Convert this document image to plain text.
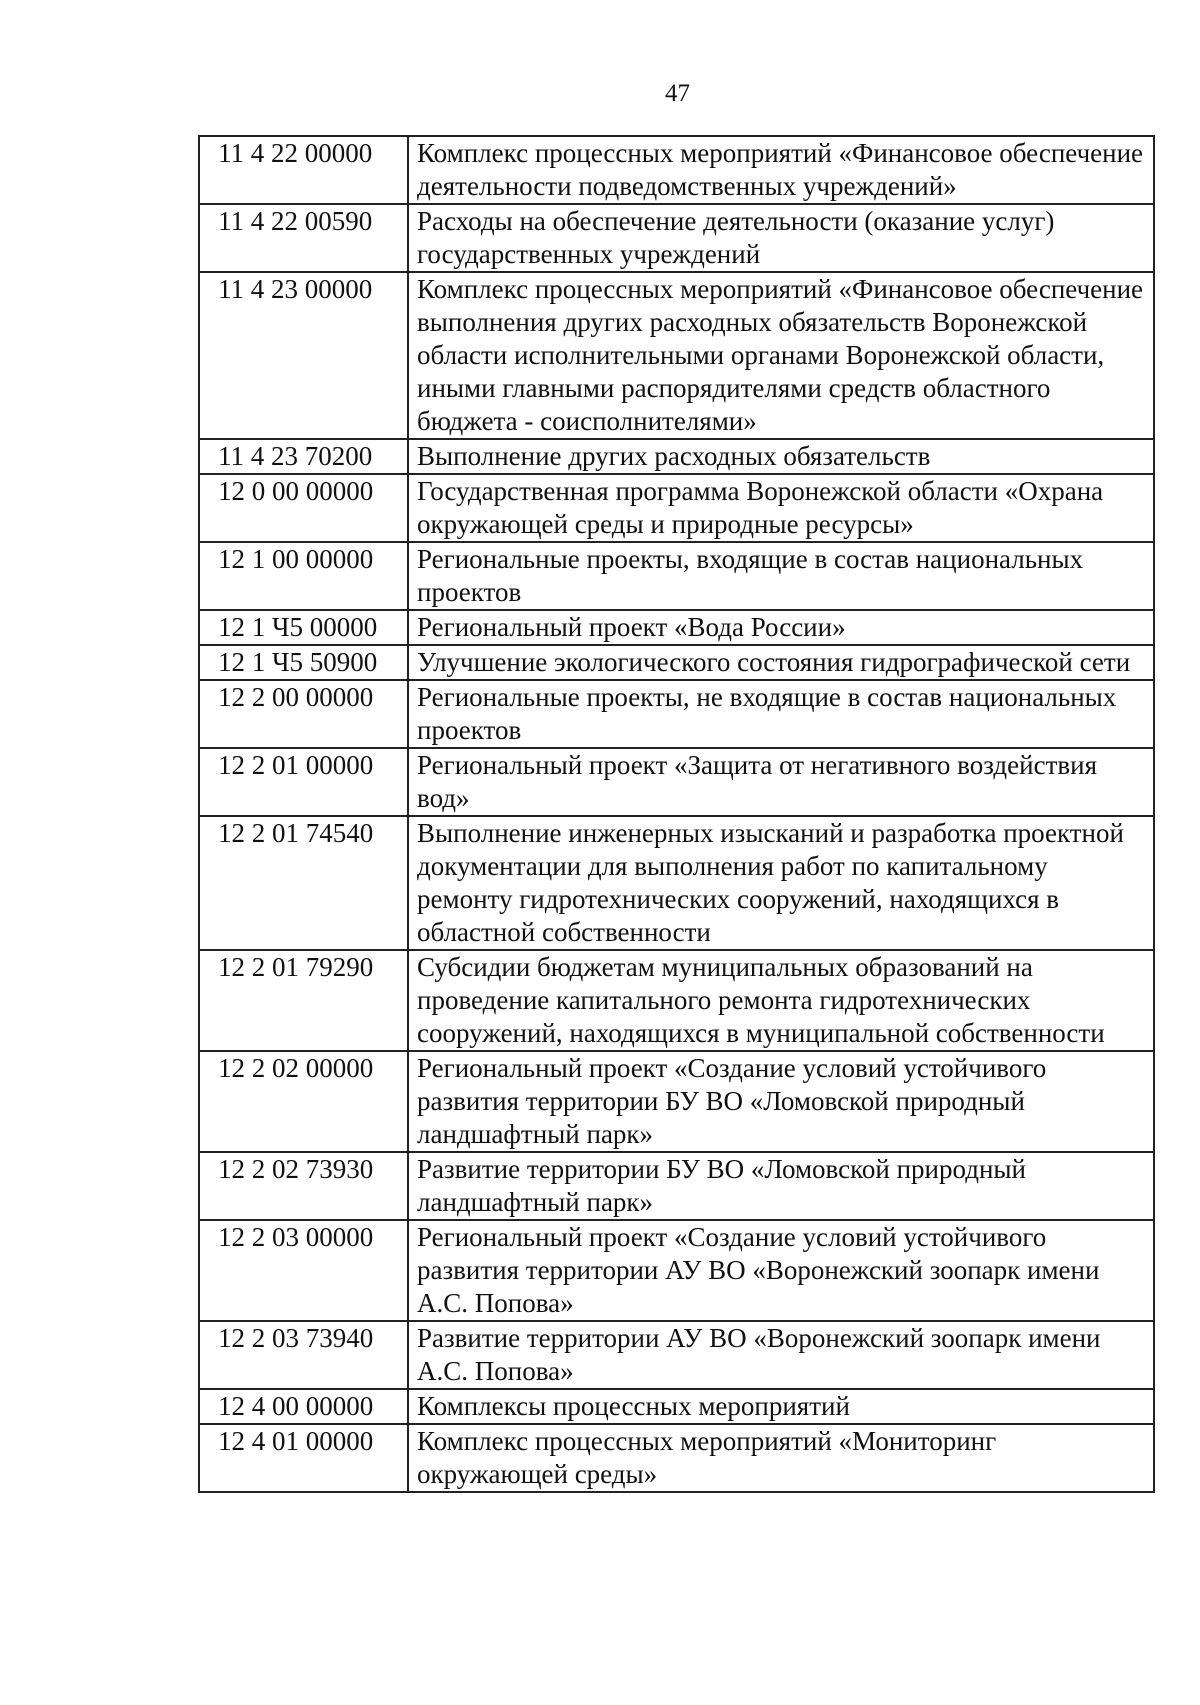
47
11 4 22 00000	Комплекс процессных мероприятий «Финансовое обеспечение деятельности подведомственных учреждений»
11 4 22 00590	Расходы на обеспечение деятельности (оказание услуг) государственных учреждений
11 4 23 00000	Комплекс процессных мероприятий «Финансовое обеспечение выполнения других расходных обязательств Воронежской области исполнительными органами Воронежской области, иными главными распорядителями средств областного бюджета - соисполнителями»
11 4 23 70200	Выполнение других расходных обязательств
12 0 00 00000	Государственная программа Воронежской области «Охрана окружающей среды и природные ресурсы»
12 1 00 00000	Региональные проекты, входящие в состав национальных проектов
12 1 Ч5 00000	Региональный проект «Вода России»
12 1 Ч5 50900	Улучшение экологического состояния гидрографической сети
12 2 00 00000	Региональные проекты, не входящие в состав национальных проектов
12 2 01 00000	Региональный проект «Защита от негативного воздействия вод»
12 2 01 74540	Выполнение инженерных изысканий и разработка проектной документации для выполнения работ по капитальному ремонту гидротехнических сооружений, находящихся в областной собственности
12 2 01 79290	Субсидии бюджетам муниципальных образований на проведение капитального ремонта гидротехнических сооружений, находящихся в муниципальной собственности
12 2 02 00000	Региональный проект «Создание условий устойчивого развития территории БУ ВО «Ломовской природный ландшафтный парк»
12 2 02 73930	Развитие территории БУ ВО «Ломовской природный ландшафтный парк»
12 2 03 00000	Региональный проект «Создание условий устойчивого развития территории АУ ВО «Воронежский зоопарк имени А.С. Попова»
12 2 03 73940	Развитие территории АУ ВО «Воронежский зоопарк имени А.С. Попова»
12 4 00 00000	Комплексы процессных мероприятий
12 4 01 00000	Комплекс процессных мероприятий «Мониторинг окружающей среды»
